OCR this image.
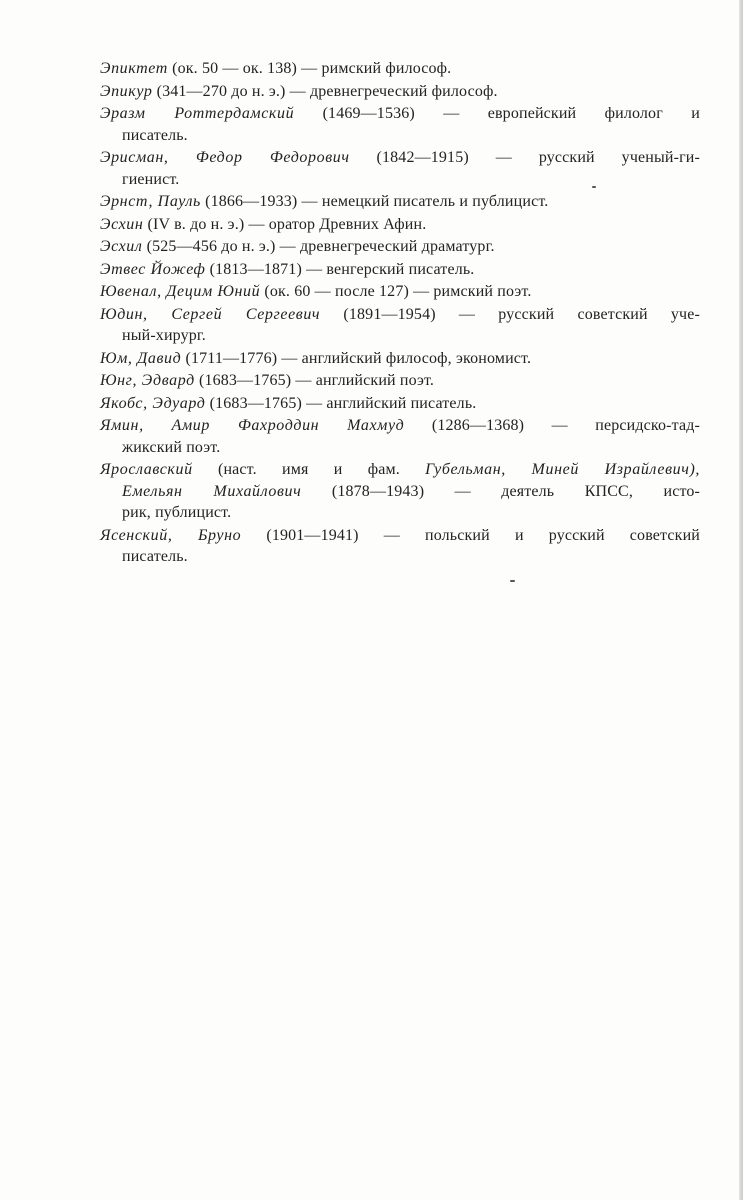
Эпиктет (ок. 50 — ок. 138) — римский философ.
Эпикур (341—270 до н. э.) — древнегреческий философ.
Эразм Роттердамский (1469—1536) — европейский филолог и
писатель.
Эрисман, Федор Федорович (1842—1915) — русский ученый-ги-
гиенист.
Эрнст, Пауль (1866—1933) — немецкий писатель и публицист.
Эсхин (IV в. до н. э.) — оратор Древних Афин.
Эсхил (525—456 до н. э.) — древнегреческий драматург.
Этвес Йожеф (1813—1871) — венгерский писатель.
Ювенал, Децим Юний (ок. 60 — после 127) — римский поэт.
Юдин, Сергей Сергеевич (1891—1954) — русский советский уче-
ный-хирург.
Юм, Давид (1711—1776) — английский философ, экономист.
Юнг, Эдвард (1683—1765) — английский поэт.
Якобс, Эдуард (1683—1765) — английский писатель.
Ямин, Амир Фахроддин Махмуд (1286—1368) — персидско-тад-
жикский поэт.
Ярославский (наст. имя и фам. Губельман, Миней Израйлевич),
Емельян Михайлович (1878—1943) — деятель КПСС, исто-
рик, публицист.
Ясенский, Бруно (1901—1941) — польский и русский советский
писатель.
